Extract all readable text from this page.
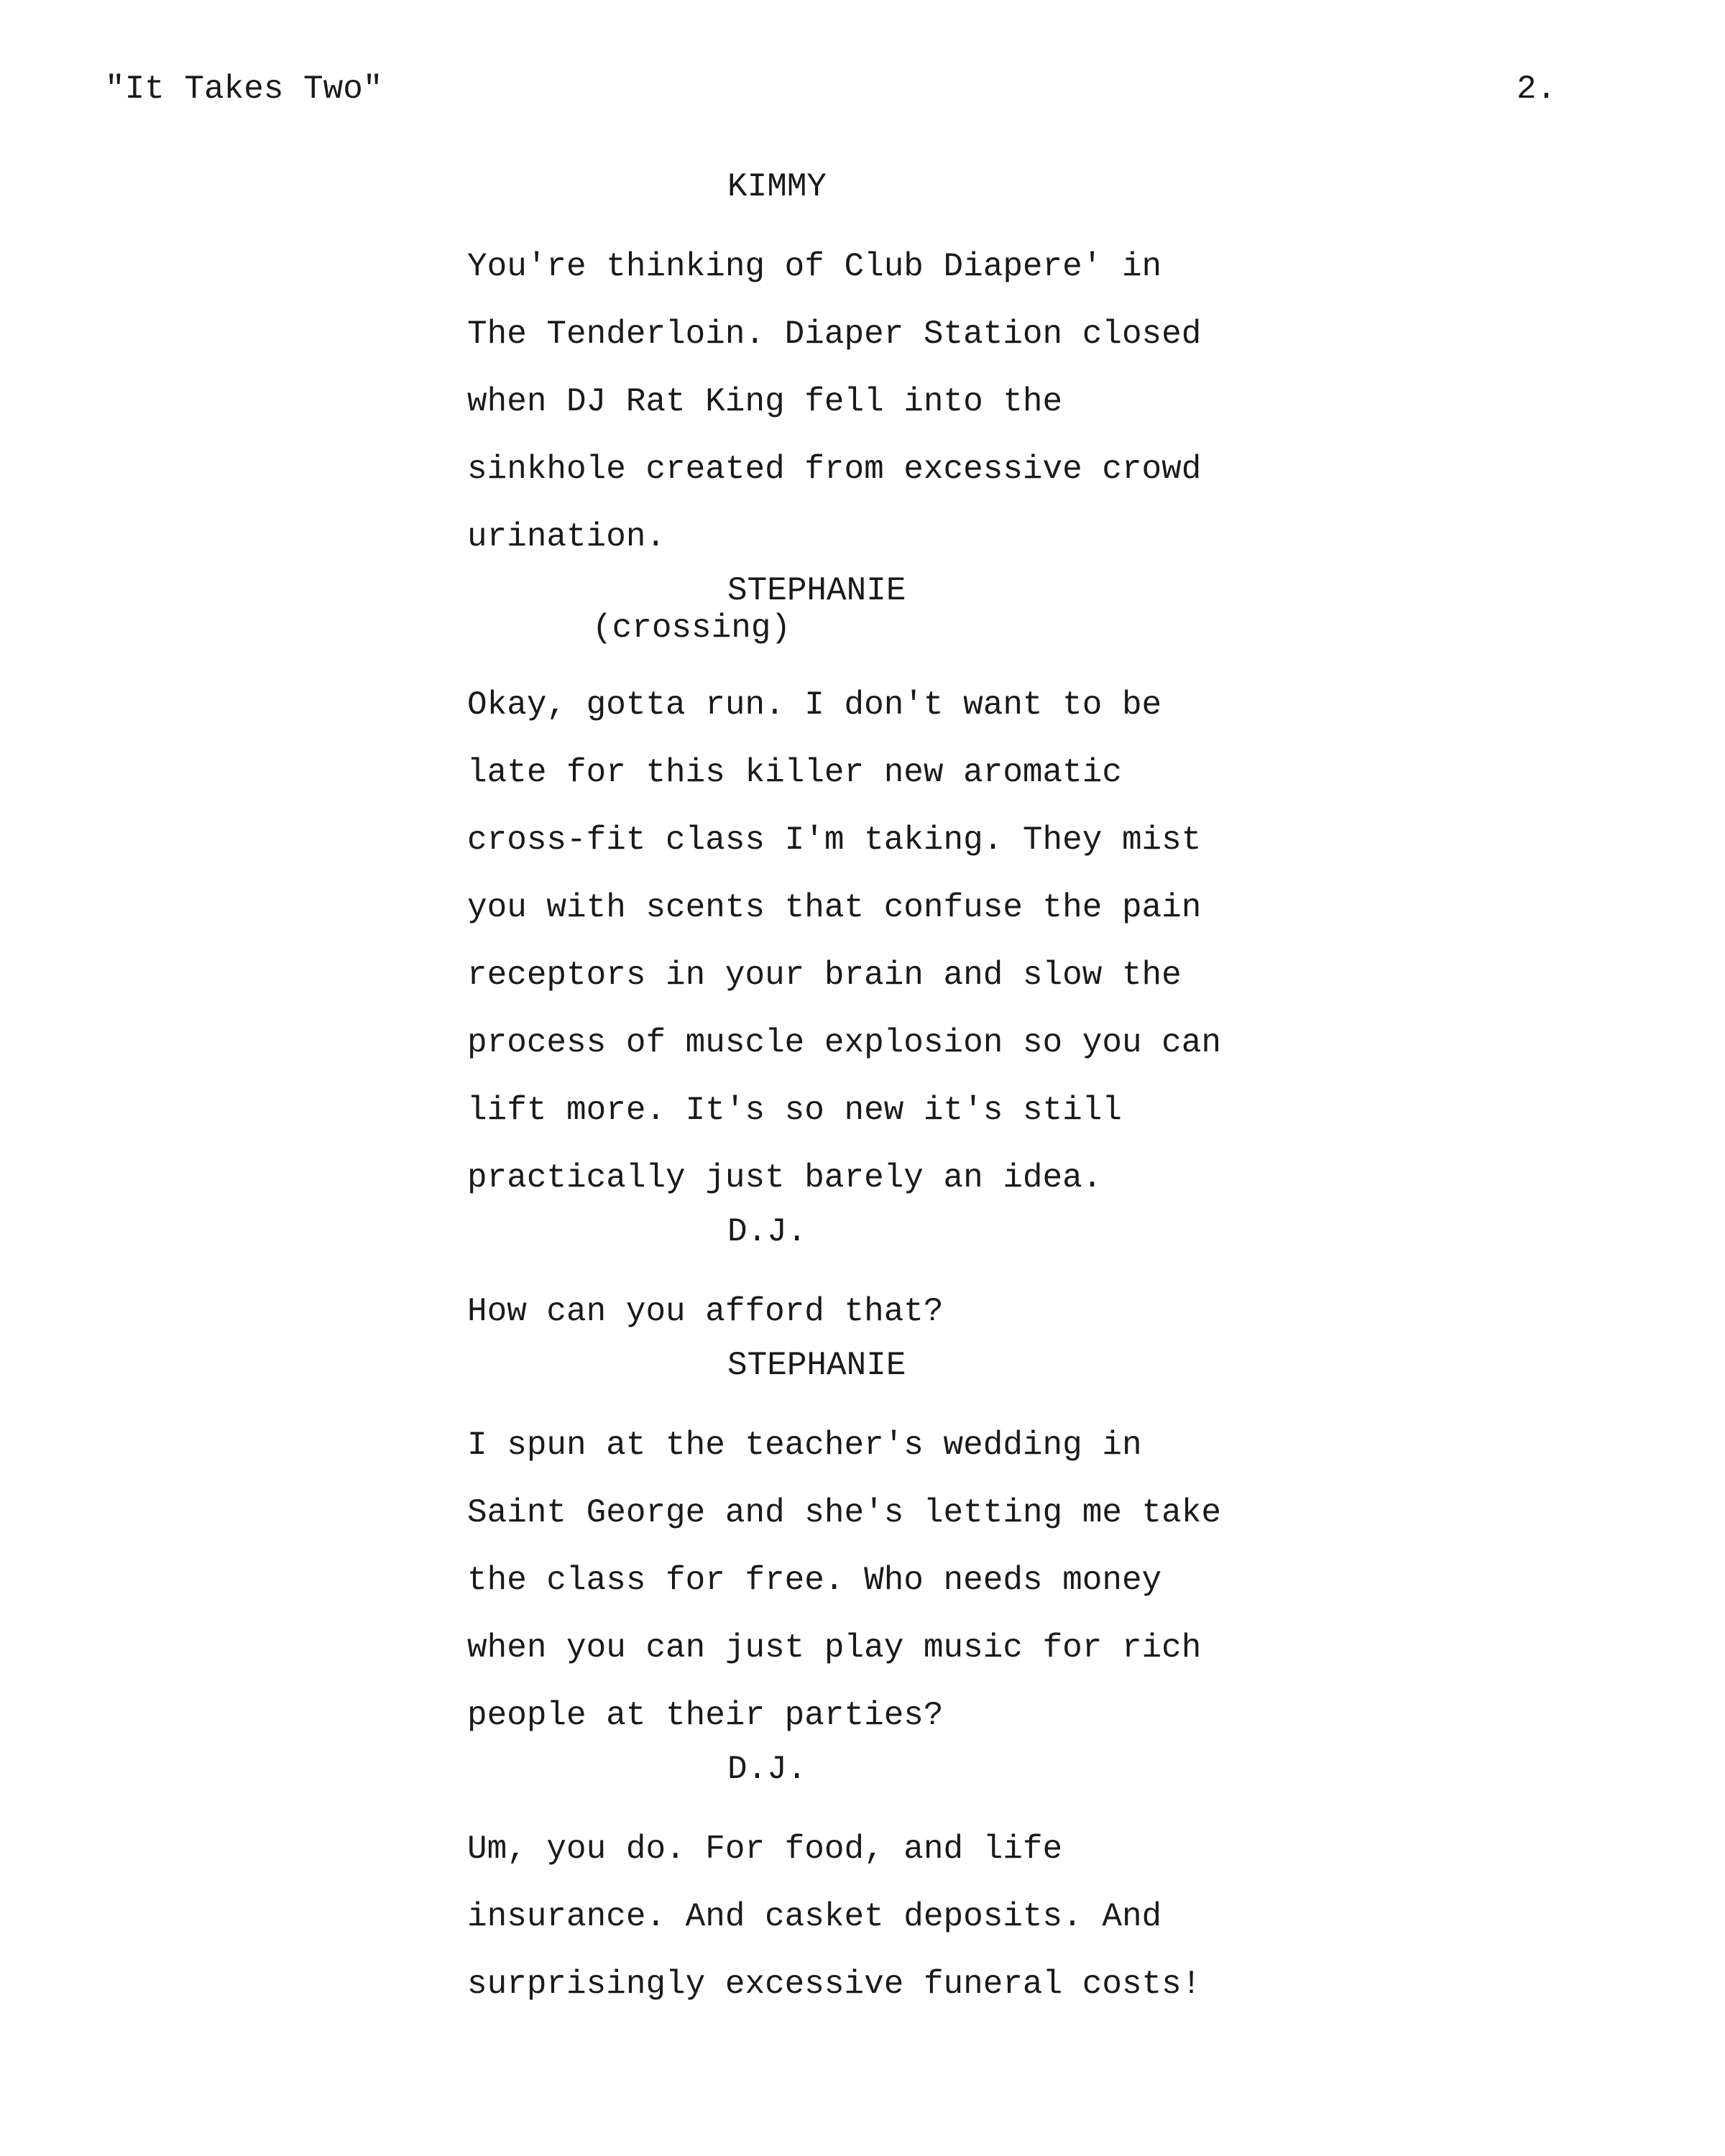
"It Takes Two"	2.
KIMMY
You're thinking of Club Diapere' in
The Tenderloin. Diaper Station closed
when DJ Rat King fell into the
sinkhole created from excessive crowd
urination.
STEPHANIE
(crossing)
Okay, gotta run. I don't want to be
late for this killer new aromatic
cross-fit class I'm taking. They mist
you with scents that confuse the pain
receptors in your brain and slow the
process of muscle explosion so you can
lift more. It's so new it's still
practically just barely an idea.
D.J.
How can you afford that?
STEPHANIE
I spun at the teacher's wedding in
Saint George and she's letting me take
the class for free. Who needs money
when you can just play music for rich
people at their parties?
D.J.
Um, you do. For food, and life
insurance. And casket deposits. And
surprisingly excessive funeral costs!
